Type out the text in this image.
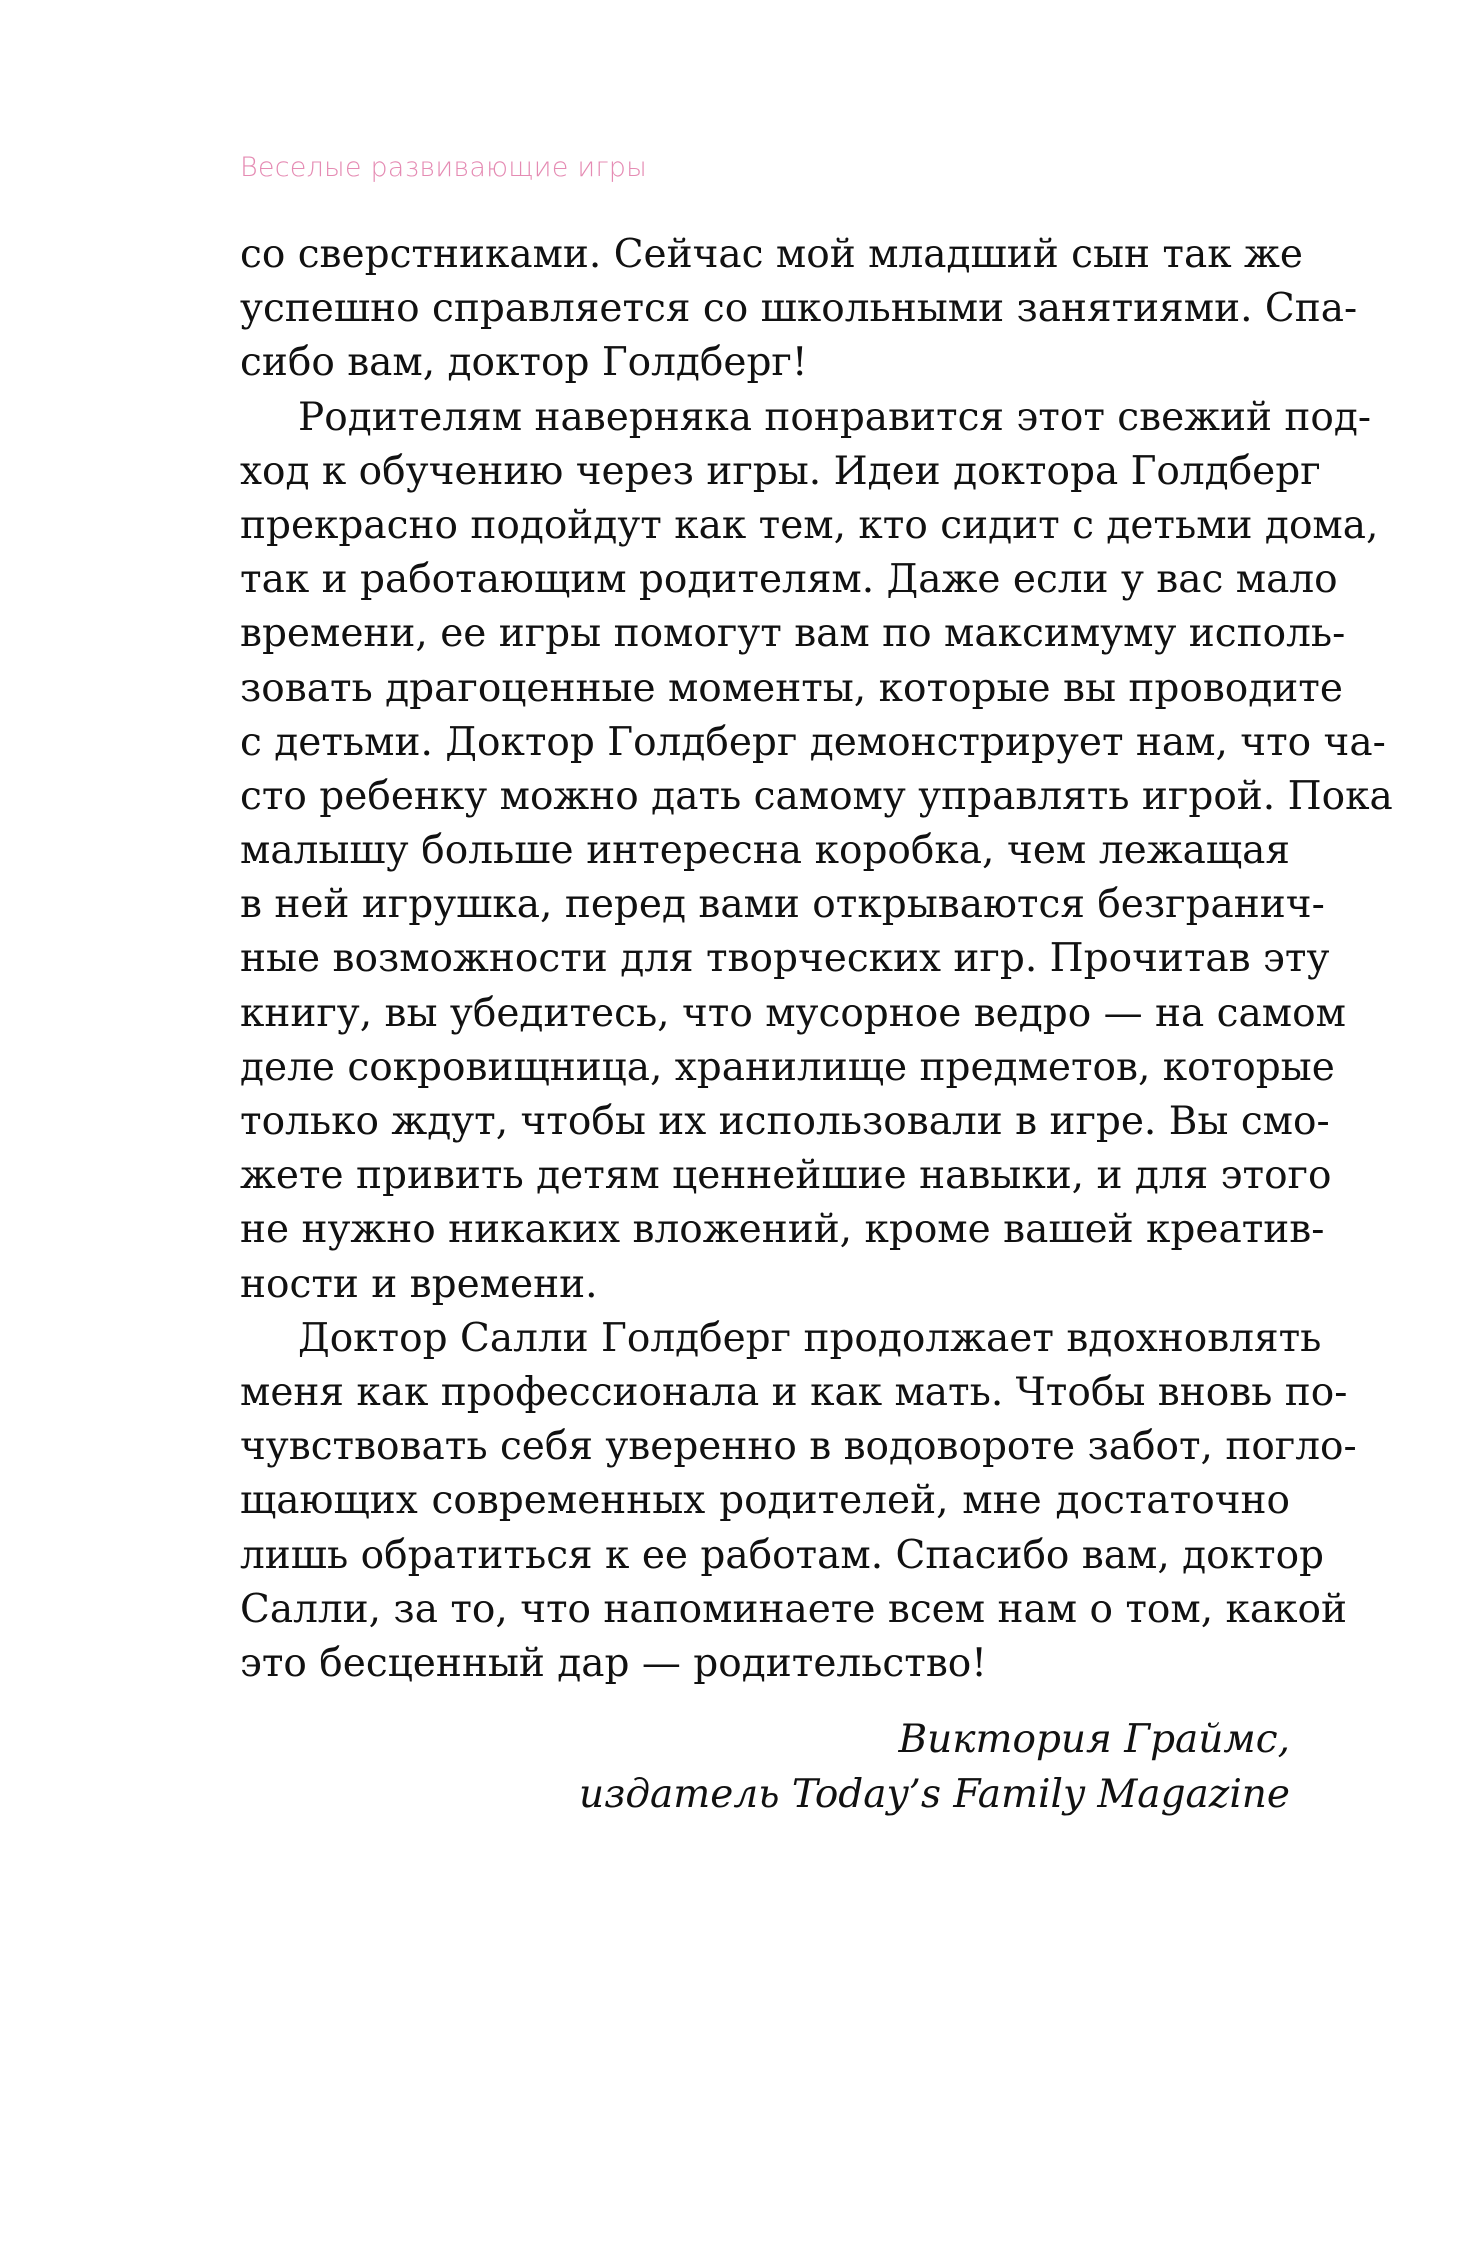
Веселые развивающие игры
со сверстниками. Сейчас мой младший сын так же
успешно справляется со школьными занятиями. Спа-
сибо вам, доктор Голдберг!
Родителям наверняка понравится этот свежий под-
ход к обучению через игры. Идеи доктора Голдберг
прекрасно подойдут как тем, кто сидит с детьми дома,
так и работающим родителям. Даже если у вас мало
времени, ее игры помогут вам по максимуму исполь-
зовать драгоценные моменты, которые вы проводите
с детьми. Доктор Голдберг демонстрирует нам, что ча-
сто ребенку можно дать самому управлять игрой. Пока
малышу больше интересна коробка, чем лежащая
в ней игрушка, перед вами открываются безгранич-
ные возможности для творческих игр. Прочитав эту
книгу, вы убедитесь, что мусорное ведро — на самом
деле сокровищница, хранилище предметов, которые
только ждут, чтобы их использовали в игре. Вы смо-
жете привить детям ценнейшие навыки, и для этого
не нужно никаких вложений, кроме вашей креатив-
ности и времени.
Доктор Салли Голдберг продолжает вдохновлять
меня как профессионала и как мать. Чтобы вновь по-
чувствовать себя уверенно в водовороте забот, погло-
щающих современных родителей, мне достаточно
лишь обратиться к ее работам. Спасибо вам, доктор
Салли, за то, что напоминаете всем нам о том, какой
это бесценный дар — родительство!
Виктория Граймс,
издатель Today’s Family Magazine
